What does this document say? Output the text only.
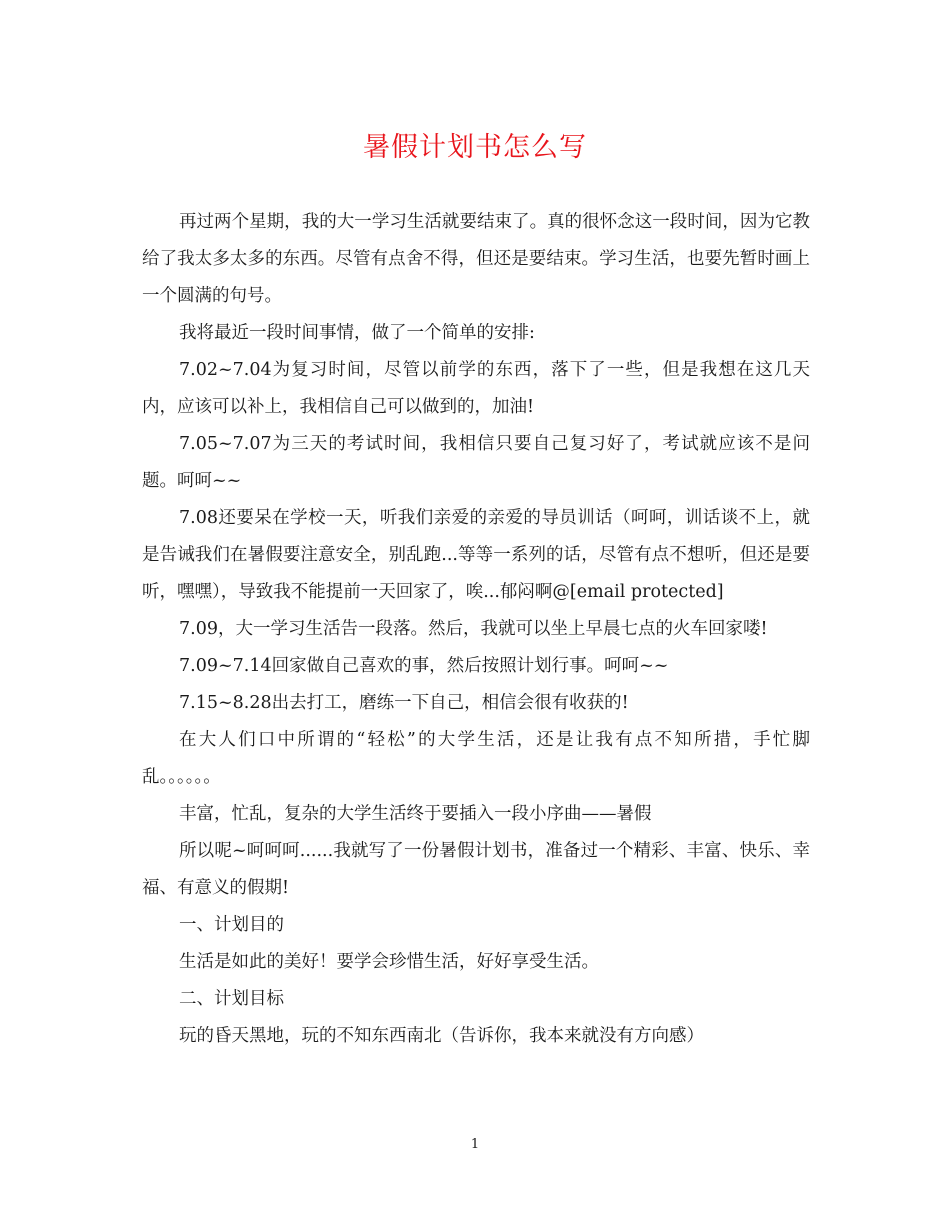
暑假计划书怎么写

再过两个星期，我的大一学习生活就要结束了。真的很怀念这一段时间，因为它教给了我太多太多的东西。尽管有点舍不得，但还是要结束。学习生活，也要先暂时画上一个圆满的句号。

我将最近一段时间事情，做了一个简单的安排:

7.02~7.04为复习时间，尽管以前学的东西，落下了一些，但是我想在这几天内，应该可以补上，我相信自己可以做到的，加油!

7.05~7.07为三天的考试时间，我相信只要自己复习好了，考试就应该不是问题。呵呵~~

7.08还要呆在学校一天，听我们亲爱的亲爱的导员训话（呵呵，训话谈不上，就是告诫我们在暑假要注意安全，别乱跑...等等一系列的话，尽管有点不想听，但还是要听，嘿嘿），导致我不能提前一天回家了，唉...郁闷啊@[email protected]

7.09，大一学习生活告一段落。然后，我就可以坐上早晨七点的火车回家喽!

7.09~7.14回家做自己喜欢的事，然后按照计划行事。呵呵~~

7.15~8.28出去打工，磨练一下自己，相信会很有收获的!

在大人们口中所谓的“轻松”的大学生活，还是让我有点不知所措，手忙脚乱。。。。。。

丰富，忙乱，复杂的大学生活终于要插入一段小序曲——暑假

所以呢~呵呵呵......我就写了一份暑假计划书，准备过一个精彩、丰富、快乐、幸福、有意义的假期!

一、计划目的

生活是如此的美好！要学会珍惜生活，好好享受生活。

二、计划目标

玩的昏天黑地，玩的不知东西南北（告诉你，我本来就没有方向感）

1
